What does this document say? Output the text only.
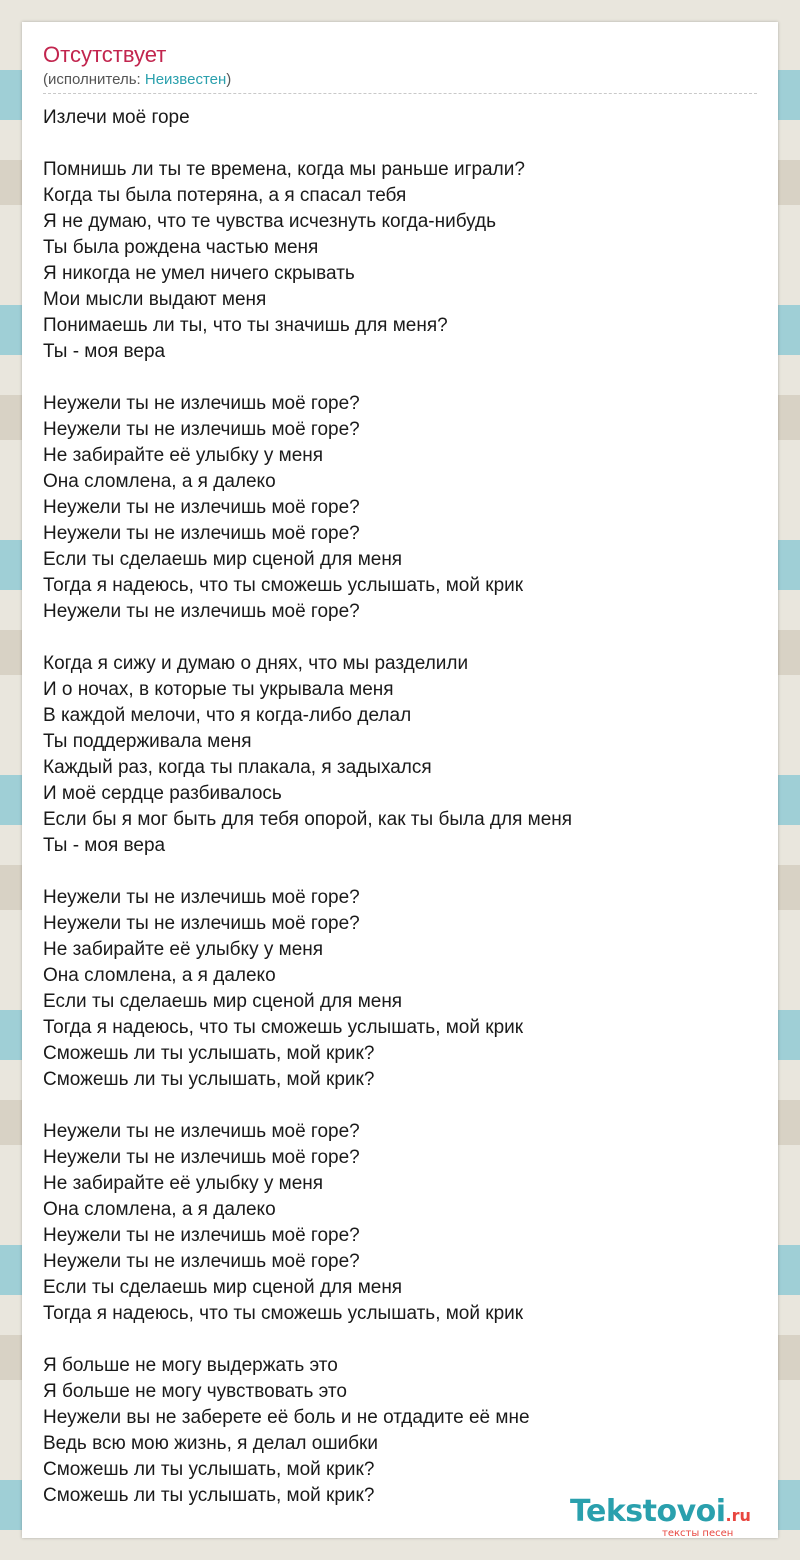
Отсутствует
(исполнитель: Неизвестен)
Излечи моё горе
Помнишь ли ты те времена, когда мы раньше играли?
Когда ты была потеряна, а я спасал тебя
Я не думаю, что те чувства исчезнуть когда-нибудь
Ты была рождена частью меня
Я никогда не умел ничего скрывать
Мои мысли выдают меня
Понимаешь ли ты, что ты значишь для меня?
Ты - моя вера
Неужели ты не излечишь моё горе?
Неужели ты не излечишь моё горе?
Не забирайте её улыбку у меня
Она сломлена, а я далеко
Неужели ты не излечишь моё горе?
Неужели ты не излечишь моё горе?
Если ты сделаешь мир сценой для меня
Тогда я надеюсь, что ты сможешь услышать, мой крик
Неужели ты не излечишь моё горе?
Когда я сижу и думаю о днях, что мы разделили
И о ночах, в которые ты укрывала меня
В каждой мелочи, что я когда-либо делал
Ты поддерживала меня
Каждый раз, когда ты плакала, я задыхался
И моё сердце разбивалось
Если бы я мог быть для тебя опорой, как ты была для меня
Ты - моя вера
Неужели ты не излечишь моё горе?
Неужели ты не излечишь моё горе?
Не забирайте её улыбку у меня
Она сломлена, а я далеко
Если ты сделаешь мир сценой для меня
Тогда я надеюсь, что ты сможешь услышать, мой крик
Сможешь ли ты услышать, мой крик?
Сможешь ли ты услышать, мой крик?
Неужели ты не излечишь моё горе?
Неужели ты не излечишь моё горе?
Не забирайте её улыбку у меня
Она сломлена, а я далеко
Неужели ты не излечишь моё горе?
Неужели ты не излечишь моё горе?
Если ты сделаешь мир сценой для меня
Тогда я надеюсь, что ты сможешь услышать, мой крик
Я больше не могу выдержать это
Я больше не могу чувствовать это
Неужели вы не заберете её боль и не отдадите её мне
Ведь всю мою жизнь, я делал ошибки
Сможешь ли ты услышать, мой крик?
Сможешь ли ты услышать, мой крик?	Tekstovoi.ru
тексты песен
